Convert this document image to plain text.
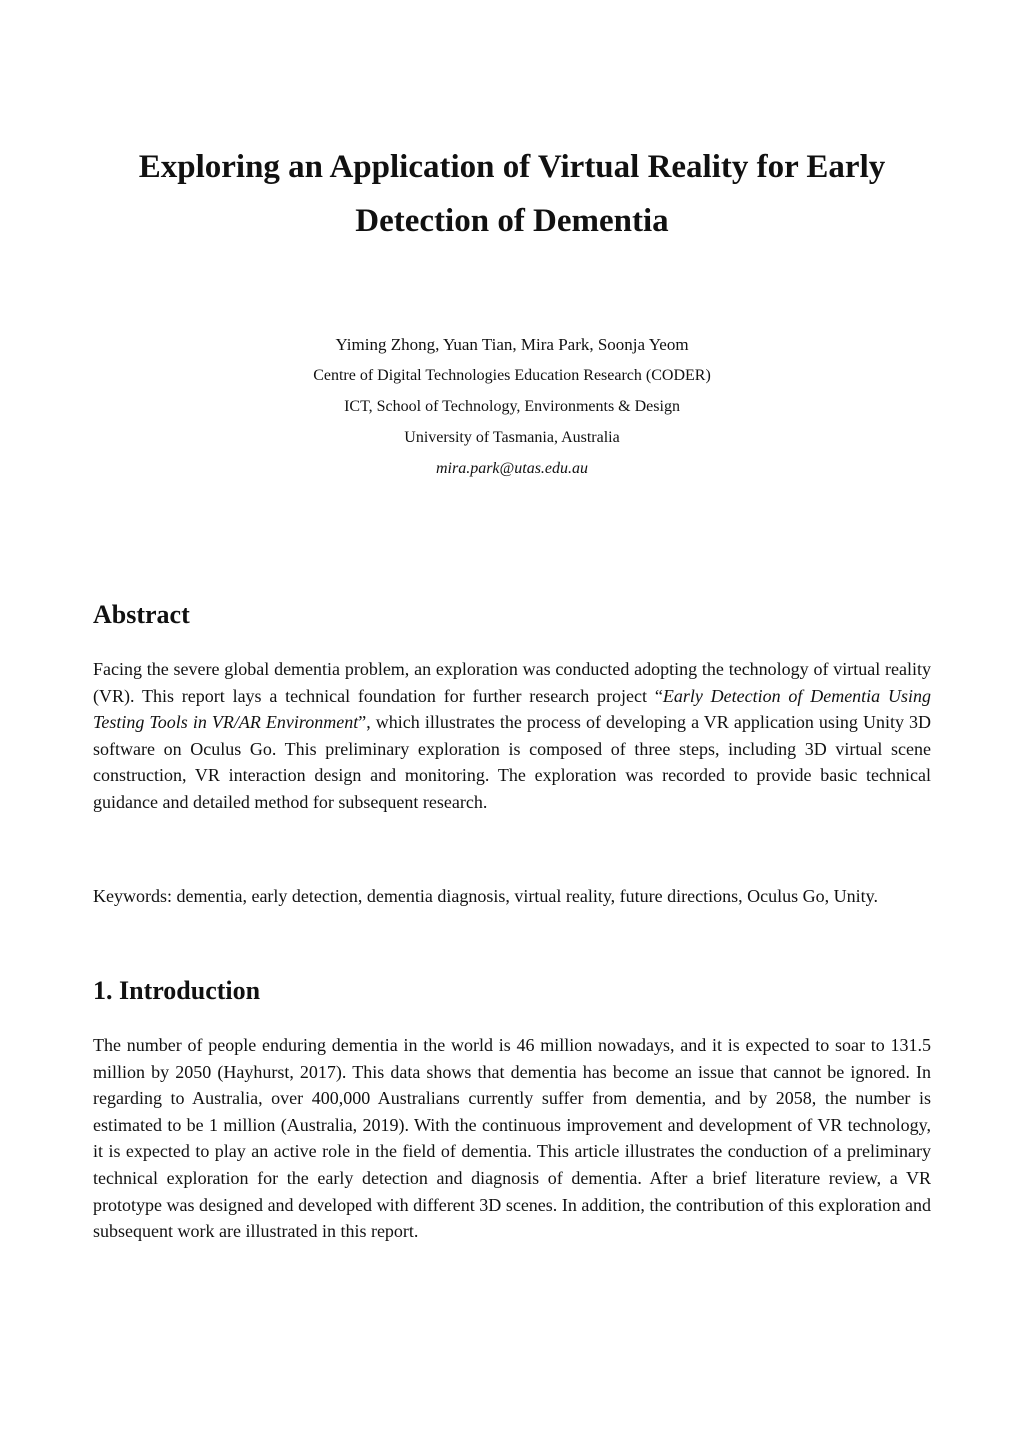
Exploring an Application of Virtual Reality for Early
Detection of Dementia
Yiming Zhong, Yuan Tian, Mira Park, Soonja Yeom
Centre of Digital Technologies Education Research (CODER)
ICT, School of Technology, Environments & Design
University of Tasmania, Australia
mira.park@utas.edu.au
Abstract

Facing the severe global dementia problem, an exploration was conducted adopting the technology of virtual reality (VR). This report lays a technical foundation for further research project “Early Detection of Dementia Using Testing Tools in VR/AR Environment”, which illustrates the process of developing a VR application using Unity 3D software on Oculus Go. This preliminary exploration is composed of three steps, including 3D virtual scene construction, VR interaction design and monitoring. The exploration was recorded to provide basic technical guidance and detailed method for subsequent research.

Keywords: dementia, early detection, dementia diagnosis, virtual reality, future directions, Oculus Go, Unity.

1. Introduction

The number of people enduring dementia in the world is 46 million nowadays, and it is expected to soar to 131.5 million by 2050 (Hayhurst, 2017). This data shows that dementia has become an issue that cannot be ignored. In regarding to Australia, over 400,000 Australians currently suffer from dementia, and by 2058, the number is estimated to be 1 million (Australia, 2019). With the continuous improvement and development of VR technology, it is expected to play an active role in the field of dementia. This article illustrates the conduction of a preliminary technical exploration for the early detection and diagnosis of dementia. After a brief literature review, a VR prototype was designed and developed with different 3D scenes. In addition, the contribution of this exploration and subsequent work are illustrated in this report.
